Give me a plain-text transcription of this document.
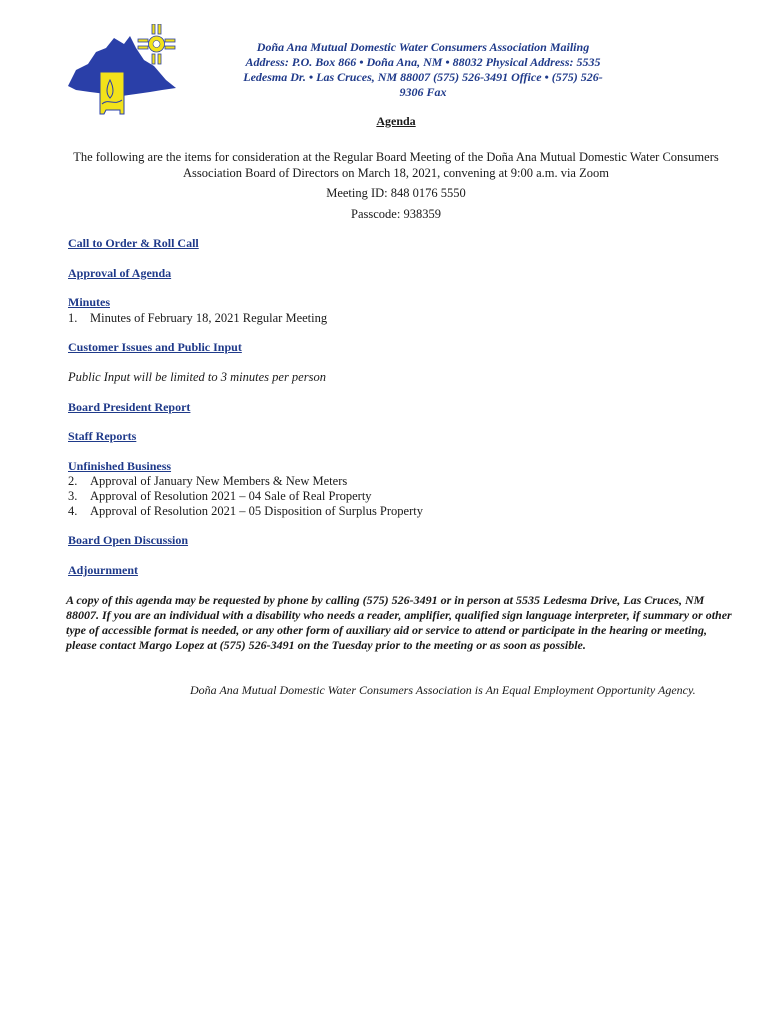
Doña Ana Mutual Domestic Water Consumers Association Mailing
Address: P.O. Box 866 • Doña Ana, NM • 88032 Physical Address: 5535
Ledesma Dr. • Las Cruces, NM 88007 (575) 526-3491 Office • (575) 526-
9306 Fax
Agenda
The following are the items for consideration at the Regular Board Meeting of the Doña Ana Mutual Domestic Water Consumers Association Board of Directors on March 18, 2021, convening at 9:00 a.m. via Zoom
Meeting ID: 848 0176 5550
Passcode: 938359
Call to Order & Roll Call
Approval of Agenda
Minutes
1. Minutes of February 18, 2021 Regular Meeting
Customer Issues and Public Input
Public Input will be limited to 3 minutes per person
Board President Report
Staff Reports
Unfinished Business
2. Approval of January New Members & New Meters
3. Approval of Resolution 2021 – 04 Sale of Real Property
4. Approval of Resolution 2021 – 05 Disposition of Surplus Property
Board Open Discussion
Adjournment
A copy of this agenda may be requested by phone by calling (575) 526-3491 or in person at 5535 Ledesma Drive, Las Cruces, NM 88007. If you are an individual with a disability who needs a reader, amplifier, qualified sign language interpreter, if summary or other type of accessible format is needed, or any other form of auxiliary aid or service to attend or participate in the hearing or meeting, please contact Margo Lopez at (575) 526-3491 on the Tuesday prior to the meeting or as soon as possible.
Doña Ana Mutual Domestic Water Consumers Association is An Equal Employment Opportunity Agency.
